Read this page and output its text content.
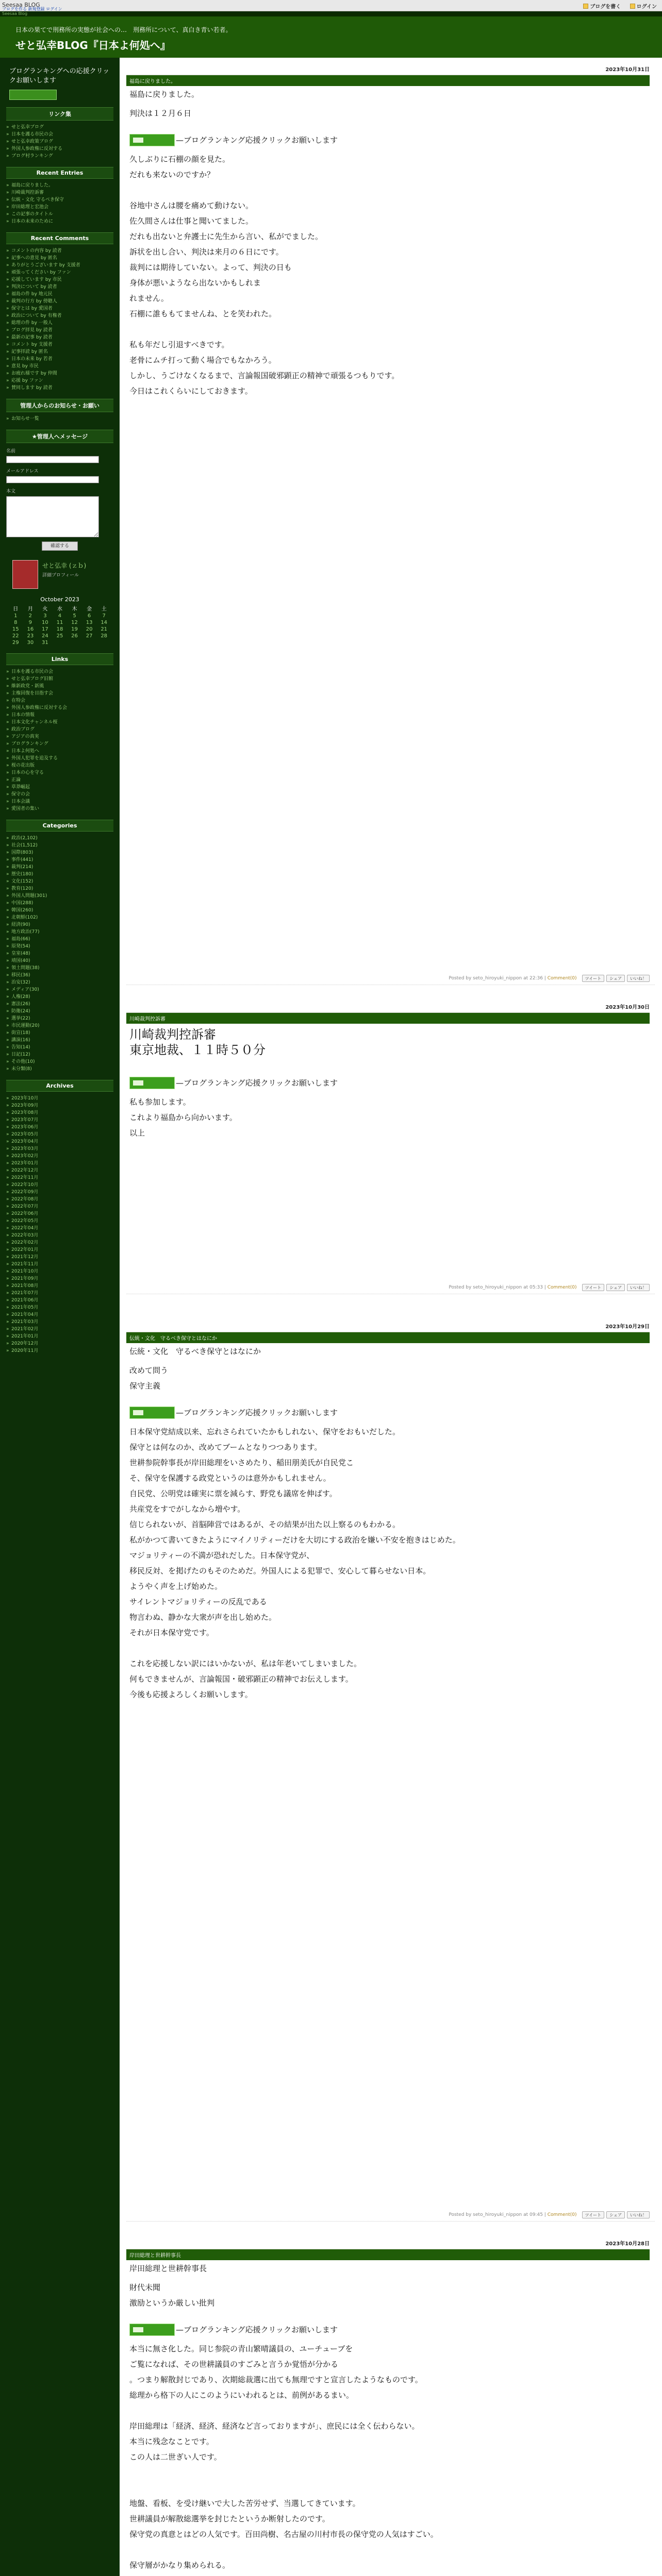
Seesaa BLOG
ブログを作る 新規登録 ログイン	ブログを書く	ログイン
Seesaa Blog
日本の果てで刑務所の実態が社会への…　刑務所について、真白き青い若者。
せと弘幸BLOG『日本よ何処へ』
ブログランキングへの応援クリックお願いします
リンク集
» せと弘幸ブログ
» 日本を護る市民の会
» せと弘幸政策ブログ
» 外国人参政権に反対する
» ブログ村ランキング
Recent Entries
» 福島に戻りました。
» 川崎裁判控訴審
» 伝統・文化 守るべき保守
» 岸田総理と宏池会
» この記事のタイトル
» 日本の未来のために
Recent Comments
» コメントの内容 by 読者
» 記事への意見 by 匿名
» ありがとうございます by 支援者
» 頑張ってください by ファン
» 応援しています by 市民
» 判決について by 読者
» 福島の件 by 地元民
» 裁判の行方 by 傍聴人
» 保守とは by 愛国者
» 政治について by 有権者
» 総理の件 by 一般人
» ブログ拝見 by 読者
» 最新の記事 by 読者
» コメント by 支援者
» 記事拝読 by 匿名
» 日本の未来 by 若者
» 意見 by 市民
» お疲れ様です by 仲間
» 応援 by ファン
» 賛同します by 読者
管理人からのお知らせ・お願い
» お知らせ一覧
★管理人へメッセージ
名前
メールアドレス
本文
確認する
せと弘幸 (ｚｂ)
詳細プロフィール
October 2023
日	月	火	水	木	金	土
1	2	3	4	5	6	7
8	9	10	11	12	13	14
15	16	17	18	19	20	21
22	23	24	25	26	27	28
29	30	31				
Links
» 日本を護る市民の会
» せと弘幸ブログ旧館
» 維新政党・新風
» 主権回復を目指す会
» 在特会
» 外国人参政権に反対する会
» 日本の情報
» 日本文化チャンネル桜
» 政治ブログ
» アジアの真実
» ブログランキング
» 日本よ何処へ
» 外国人犯罪を追及する
» 桜の花出版
» 日本の心を守る
» 正論
» 草莽崛起
» 保守の会
» 日本会議
» 愛国者の集い
Categories
» 政治(2,102)
» 社会(1,512)
» 国際(803)
» 事件(441)
» 裁判(214)
» 歴史(180)
» 文化(152)
» 教育(120)
» 外国人問題(301)
» 中国(288)
» 韓国(260)
» 北朝鮮(102)
» 経済(90)
» 地方政治(77)
» 福島(66)
» 原発(54)
» 皇室(48)
» 靖国(40)
» 領土問題(38)
» 移民(36)
» 治安(32)
» メディア(30)
» 人権(28)
» 憲法(26)
» 防衛(24)
» 選挙(22)
» 市民運動(20)
» 街宣(18)
» 講演(16)
» 告知(14)
» 日記(12)
» その他(10)
» 未分類(8)
Archives
» 2023年10月
» 2023年09月
» 2023年08月
» 2023年07月
» 2023年06月
» 2023年05月
» 2023年04月
» 2023年03月
» 2023年02月
» 2023年01月
» 2022年12月
» 2022年11月
» 2022年10月
» 2022年09月
» 2022年08月
» 2022年07月
» 2022年06月
» 2022年05月
» 2022年04月
» 2022年03月
» 2022年02月
» 2022年01月
» 2021年12月
» 2021年11月
» 2021年10月
» 2021年09月
» 2021年08月
» 2021年07月
» 2021年06月
» 2021年05月
» 2021年04月
» 2021年03月
» 2021年02月
» 2021年01月
» 2020年12月
» 2020年11月
2023年10月31日
福島に戻りました。
福島に戻りました。
判決は１２月６日
—ブログランキング応援クリックお願いします
久しぶりに石棚の顔を見た。
だれも来ないのですか？
谷地中さんは腰を痛めて動けない。
佐久間さんは仕事と聞いてました。
だれも出ないと弁護士に先生から言い、私がでました。
訴状を出し合い、判決は来月の６日にです。
裁判には期待していない。よって、判決の日も
身体が悪いようなら出ないかもしれま
れません。
石棚に誰ももてませんね、とを笑われた。
私も年だし引退すべきです。
老骨にムチ打って動く場合でもなかろう。
しかし、うごけなくなるまで、言論報国破邪顕正の精神で頑張るつもりです。
今日はこれくらいにしておきます。
Posted by seto_hiroyuki_nippon at 22:36 | Comment(0)	ツイート	シェア	いいね！
2023年10月30日
川崎裁判控訴審
川崎裁判控訴審
東京地裁、１１時５０分
—ブログランキング応援クリックお願いします
私も参加します。
これより福島から向かいます。
以上
Posted by seto_hiroyuki_nippon at 05:33 | Comment(0)	ツイート	シェア	いいね！
2023年10月29日
伝統・文化　守るべき保守とはなにか
伝統・文化　守るべき保守とはなにか
改めて問う
保守主義
—ブログランキング応援クリックお願いします
日本保守党結成以来、忘れさられていたかもしれない、保守をおもいだした。
保守とは何なのか、改めてブームとなりつつあります。
世耕参院幹事長が岸田総理をいさめたり、稲田朋美氏が自民党こ
そ、保守を保護する政党というのは意外かもしれません。
自民党、公明党は確実に票を減らす、野党も議席を伸ばす。
共産党をすでがしなから増やす。
信じられないが、首脳陣営ではあるが、その結果が出た以上察るのもわかる。
私がかつて書いてきたようにマイノリティーだけを大切にする政治を嫌い不安を抱きはじめた。
マジョリティーの不満が恐れだした。日本保守党が、
移民反対、を掲げたのもそのためだ。外国人による犯罪で、安心して暮らせない日本。
ようやく声を上げ始めた。
サイレントマジョリティーの反乱である
物言わぬ、静かな大衆が声を出し始めた。
それが日本保守党です。
これを応援しない訳にはいかないが、私は年老いてしまいました。
何もできませんが、言論報国・破邪顕正の精神でお伝えします。
今後も応援よろしくお願いします。
Posted by seto_hiroyuki_nippon at 09:45 | Comment(0)	ツイート	シェア	いいね！
2023年10月28日
岸田総理と世耕幹事長
岸田総理と世耕幹事長
財代未聞
激励というか厳しい批判
—ブログランキング応援クリックお願いします
本当に無さ化した。同じ参院の青山繁晴議員の、ユーチューブを
ご覧になれば、その世耕議員のすごみと言うか覚悟が分かる
。つまり解散封じであり、次期総裁選に出ても無理ですと宣言したようなものです。
総理から格下の人にこのようにいわれるとは、前例があるまい。
岸田総理は「経済、経済、経済など言っておりますが」、庶民には全く伝わらない。
本当に残念なことです。
この人は二世ぎい人です。
地盤、看板、を受け継いで大した苦労せず、当選してきています。
世耕議員が解散総選挙を封じたというか断射したのです。
保守党の真意とはどの人気です。百田尚樹、名古屋の川村市長の保守党の人気はすごい。
保守層がかなり集められる。
